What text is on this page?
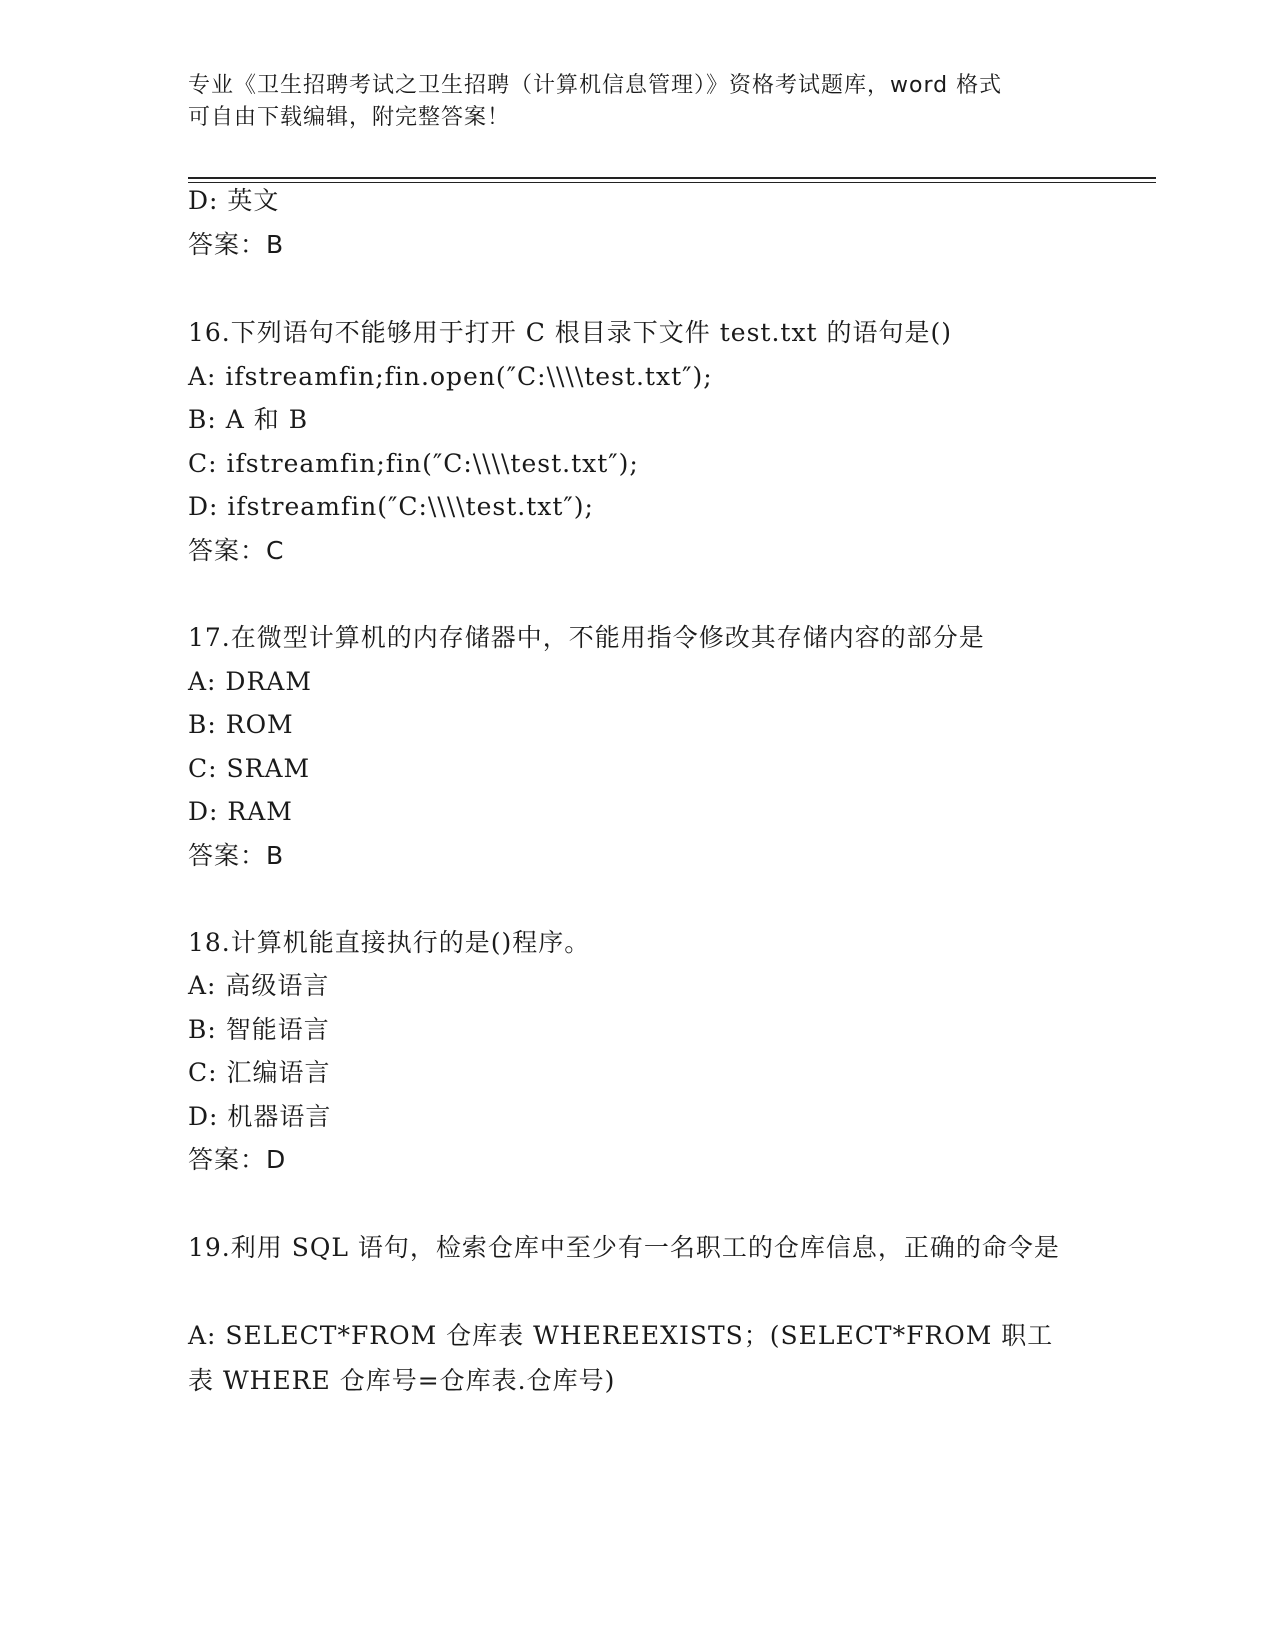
专业《卫生招聘考试之卫生招聘（计算机信息管理）》资格考试题库，word 格式
可自由下载编辑，附完整答案！
D: 英文
答案：B
16.下列语句不能够用于打开 C 根目录下文件 test.txt 的语句是()
A: ifstreamfin;fin.open(″C:\\\\test.txt″);
B: A 和 B
C: ifstreamfin;fin(″C:\\\\test.txt″);
D: ifstreamfin(″C:\\\\test.txt″);
答案：C
17.在微型计算机的内存储器中，不能用指令修改其存储内容的部分是
A: DRAM
B: ROM
C: SRAM
D: RAM
答案：B
18.计算机能直接执行的是()程序。
A: 高级语言
B: 智能语言
C: 汇编语言
D: 机器语言
答案：D
19.利用 SQL 语句，检索仓库中至少有一名职工的仓库信息，正确的命令是
A: SELECT*FROM 仓库表 WHEREEXISTS；(SELECT*FROM 职工表 WHERE 仓库号=仓库表.仓库号)
